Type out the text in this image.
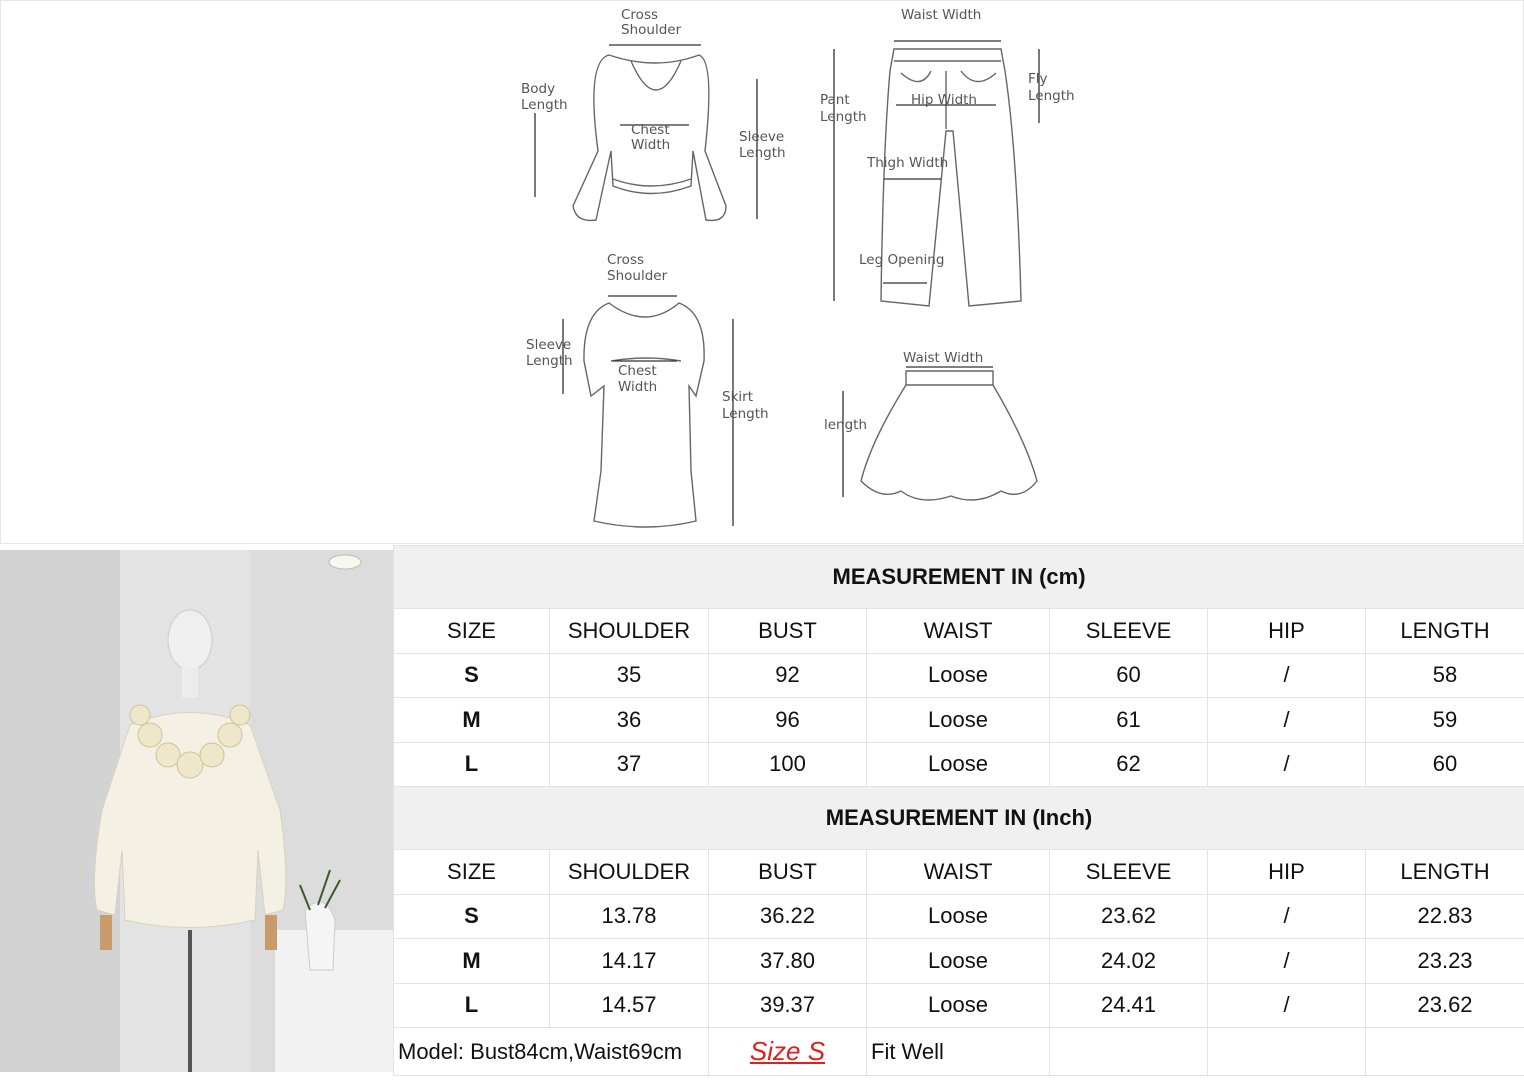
Cross
Shoulder
Body
Length
Chest
Width	Sleeve
Length
Waist Width
Pant
Length
Hip Width
Fly
Length
Thigh Width
Leg Opening
Cross
Shoulder
Sleeve
Length
Chest
Width
Skirt
Length
Waist Width
length
MEASUREMENT IN (cm)						
SIZE	SHOULDER	BUST	WAIST	SLEEVE	HIP	LENGTH
S	35	92	Loose	60	/	58
M	36	96	Loose	61	/	59
L	37	100	Loose	62	/	60
MEASUREMENT IN (Inch)						
SIZE	SHOULDER	BUST	WAIST	SLEEVE	HIP	LENGTH
S	13.78	36.22	Loose	23.62	/	22.83
M	14.17	37.80	Loose	24.02	/	23.23
L	14.57	39.37	Loose	24.41	/	23.62
Model: Bust84cm,Waist69cm		Size S	Fit Well			
